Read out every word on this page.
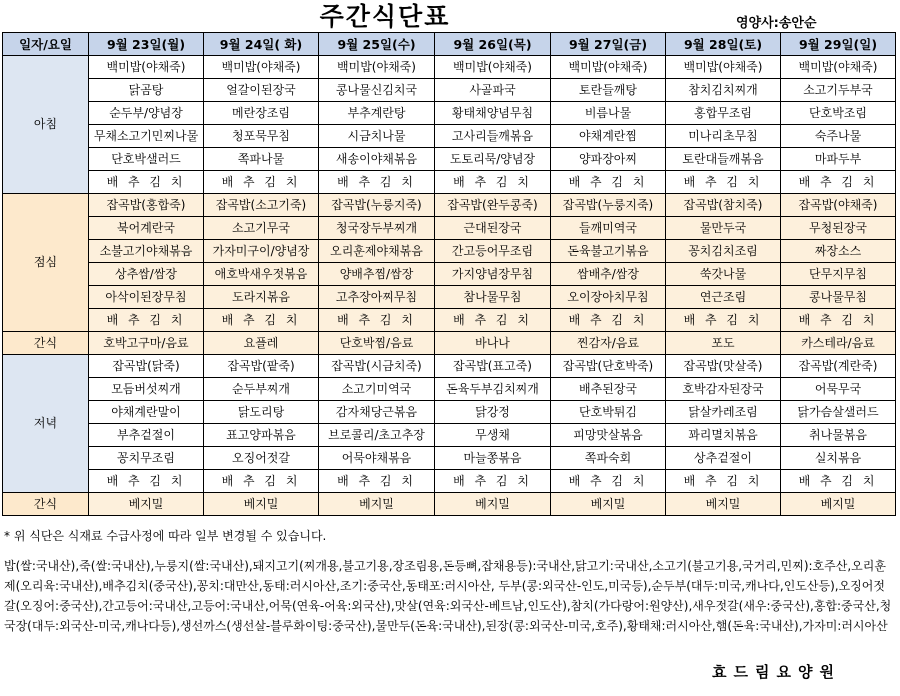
주간식단표	영양사:송안순
일자/요일	9월 23일(월)	9월 24일( 화)	9월 25일(수)	9월 26일(목)	9월 27일(금)	9월 28일(토)	9월 29일(일)
아침	백미밥(야채죽)	백미밥(야채죽)	백미밥(야채죽)	백미밥(야채죽)	백미밥(야채죽)	백미밥(야채죽)	백미밥(야채죽)
	닭곰탕	얼갈이된장국	콩나물신김치국	사골파국	토란들깨탕	참치김치찌개	소고기두부국
	순두부/양념장	메란장조림	부추계란탕	황태채양념무침	비름나물	홍합무조림	단호박조림
	무채소고기민찌나물	청포묵무침	시금치나물	고사리들깨볶음	야채계란찜	미나리초무침	숙주나물
	단호박샐러드	쪽파나물	새송이야채볶음	도토리묵/양념장	양파장아찌	토란대들깨볶음	마파두부
	배 추 김 치	배 추 김 치	배 추 김 치	배 추 김 치	배 추 김 치	배 추 김 치	배 추 김 치
점심	잡곡밥(홍합죽)	잡곡밥(소고기죽)	잡곡밥(누룽지죽)	잡곡밥(완두콩죽)	잡곡밥(누룽지죽)	잡곡밥(참치죽)	잡곡밥(야채죽)
	북어계란국	소고기무국	청국장두부찌개	근대된장국	들깨미역국	물만두국	무청된장국
	소불고기야채볶음	가자미구이/양념장	오리훈제야채볶음	간고등어무조림	돈육불고기볶음	꽁치김치조림	짜장소스
	상추쌈/쌈장	애호박새우젓볶음	양배추찜/쌈장	가지양념장무침	쌈배추/쌈장	쑥갓나물	단무지무침
	아삭이된장무침	도라지볶음	고추장아찌무침	참나물무침	오이장아치무침	연근조림	콩나물무침
	배 추 김 치	배 추 김 치	배 추 김 치	배 추 김 치	배 추 김 치	배 추 김 치	배 추 김 치
간식	호박고구마/음료	요플레	단호박찜/음료	바나나	찐감자/음료	포도	카스테라/음료
저녁	잡곡밥(닭죽)	잡곡밥(팥죽)	잡곡밥(시금치죽)	잡곡밥(표고죽)	잡곡밥(단호박죽)	잡곡밥(맛살죽)	잡곡밥(계란죽)
	모듬버섯찌개	순두부찌개	소고기미역국	돈육두부김치찌개	배추된장국	호박감자된장국	어묵무국
	야채계란말이	닭도리탕	감자채당근볶음	닭강정	단호박튀김	닭살카레조림	닭가슴살샐러드
	부추겉절이	표고양파볶음	브로콜리/초고추장	무생채	피망맛살볶음	꽈리멸치볶음	취나물볶음
	꽁치무조림	오징어젓갈	어묵야채볶음	마늘쫑볶음	쪽파숙회	상추겉절이	실치볶음
	배 추 김 치	배 추 김 치	배 추 김 치	배 추 김 치	배 추 김 치	배 추 김 치	배 추 김 치
간식	베지밀	베지밀	베지밀	베지밀	베지밀	베지밀	베지밀
* 위 식단은 식재료 수급사정에 따라 일부 변경될 수 있습니다.
밥(쌀:국내산),죽(쌀:국내산),누룽지(쌀:국내산),돼지고기(찌개용,불고기용,장조림용,돈등뼈,잡채용등):국내산,닭고기:국내산,소고기(불고기용,국거리,민찌):호주산,오리훈제(오리육:국내산),배추김치(중국산),꽁치:대만산,동태:러시아산,조기:중국산,동태포:러시아산, 두부(콩:외국산-인도,미국등),순두부(대두:미국,캐나다,인도산등),오징어젓갈(오징어:중국산),간고등어:국내산,고등어:국내산,어묵(연육-어육:외국산),맛살(연육:외국산-베트남,인도산),참치(가다랑어:원양산),새우젓갈(새우:중국산),홍합:중국산,청국장(대두:외국산-미국,캐나다등),생선까스(생선살-블루화이팅:중국산),물만두(돈육:국내산),된장(콩:외국산-미국,호주),황태채:러시아산,햄(돈육:국내산),가자미:러시아산
효드림요양원
